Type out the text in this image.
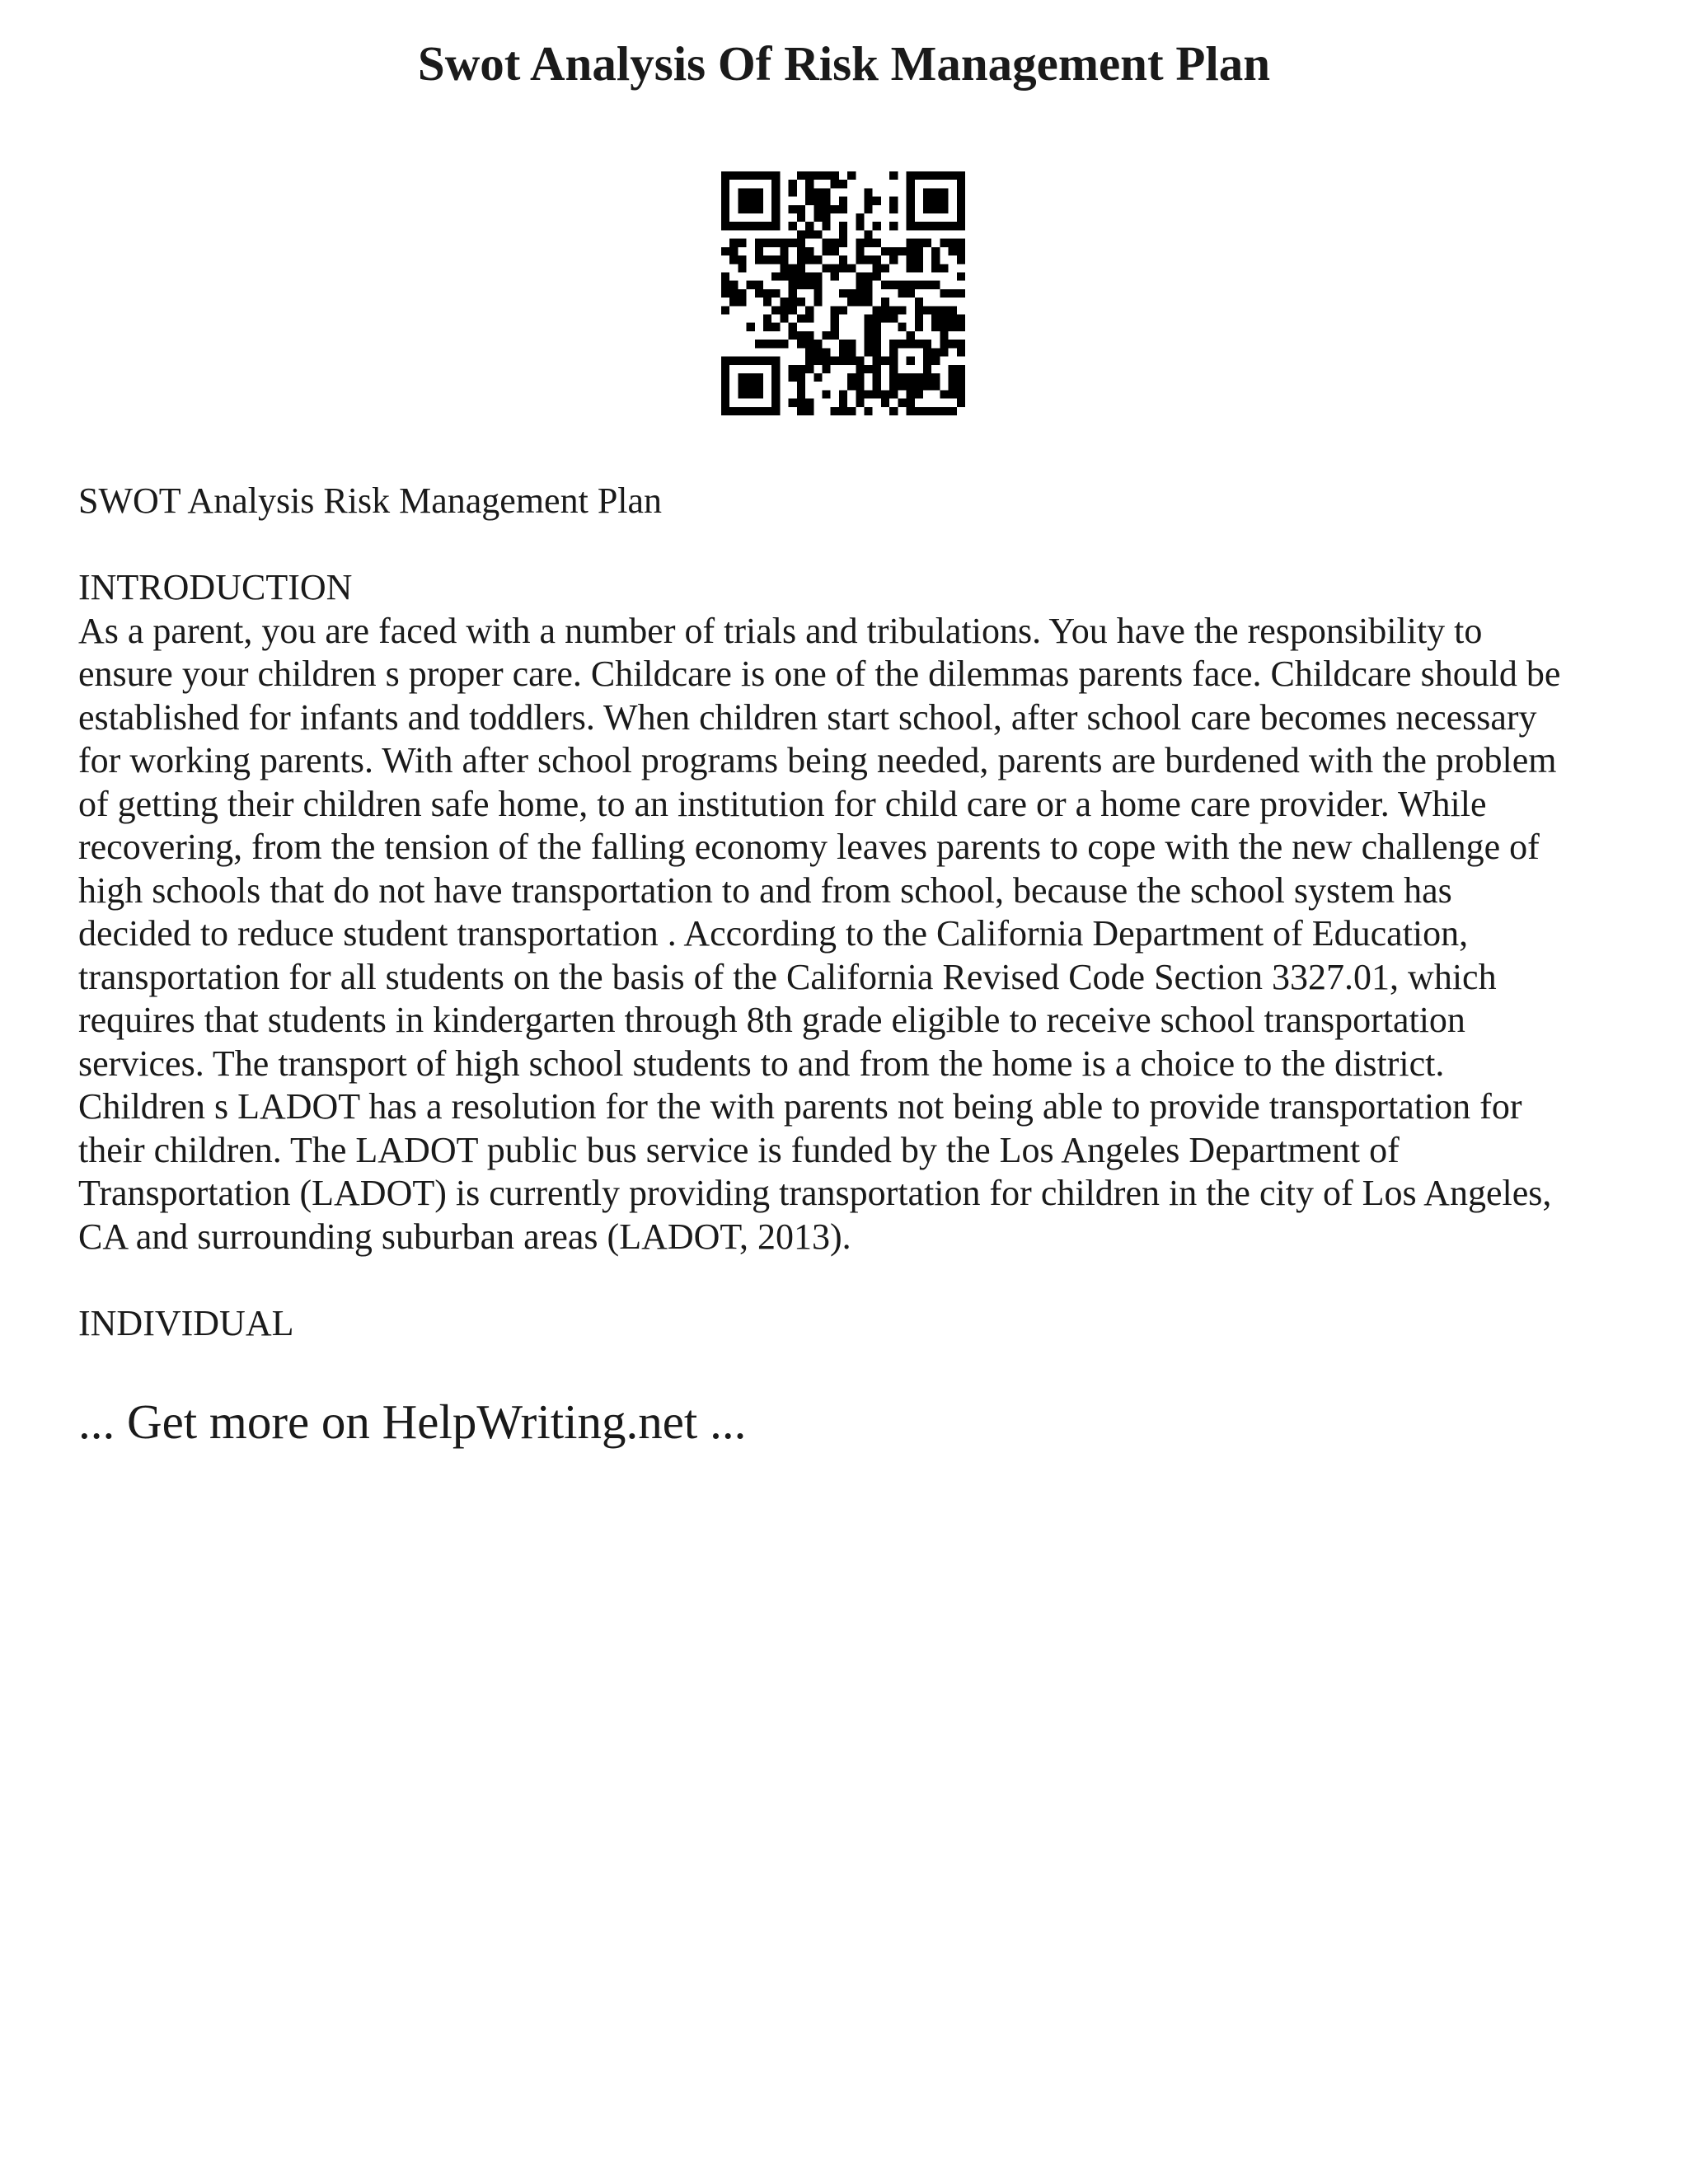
Swot Analysis Of Risk Management Plan

SWOT Analysis Risk Management Plan

INTRODUCTION
As a parent, you are faced with a number of trials and tribulations. You have the responsibility to
ensure your children s proper care. Childcare is one of the dilemmas parents face. Childcare should be
established for infants and toddlers. When children start school, after school care becomes necessary
for working parents. With after school programs being needed, parents are burdened with the problem
of getting their children safe home, to an institution for child care or a home care provider. While
recovering, from the tension of the falling economy leaves parents to cope with the new challenge of
high schools that do not have transportation to and from school, because the school system has
decided to reduce student transportation . According to the California Department of Education,
transportation for all students on the basis of the California Revised Code Section 3327.01, which
requires that students in kindergarten through 8th grade eligible to receive school transportation
services. The transport of high school students to and from the home is a choice to the district.
Children s LADOT has a resolution for the with parents not being able to provide transportation for
their children. The LADOT public bus service is funded by the Los Angeles Department of
Transportation (LADOT) is currently providing transportation for children in the city of Los Angeles,
CA and surrounding suburban areas (LADOT, 2013).
INDIVIDUAL
... Get more on HelpWriting.net ...
